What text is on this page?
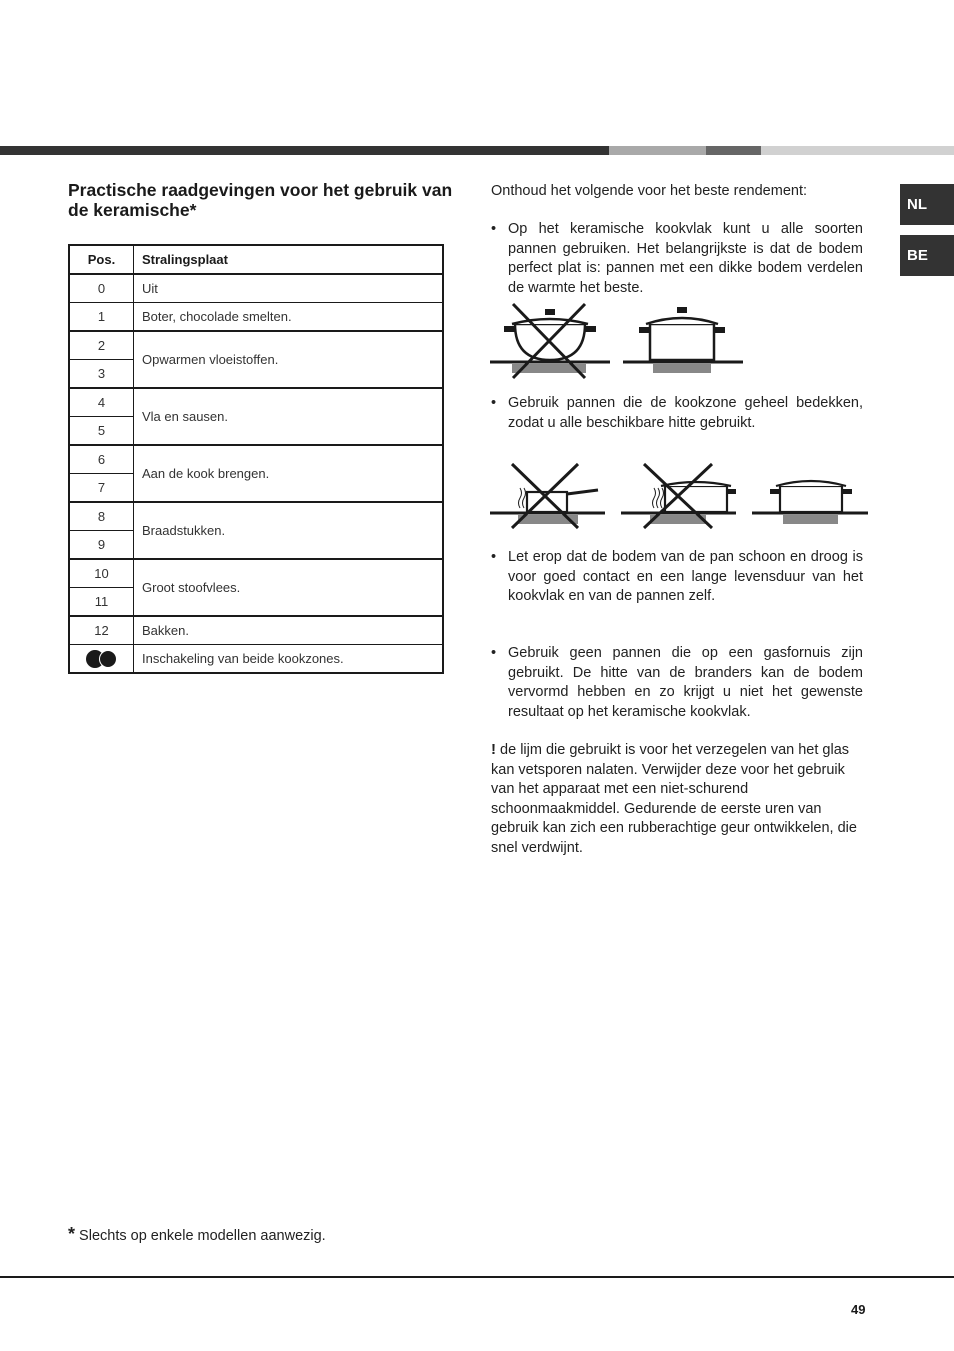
NL
BE
Practische raadgevingen voor het gebruik van de keramische*
Pos.	Stralingsplaat
0	Uit
1	Boter, chocolade smelten.
2	Opwarmen vloeistoffen.
3	
4	Vla en sausen.
5	
6	Aan de kook brengen.
7	
8	Braadstukken.
9	
10	Groot stoofvlees.
11	
12	Bakken.

	Inschakeling van beide kookzones.

Onthoud het volgende voor het beste rendement:

• Op het keramische kookvlak kunt u alle soorten pannen gebruiken. Het belangrijkste is dat de bodem perfect plat is: pannen met een dikke bodem verdelen de warmte het beste.
• Gebruik pannen die de kookzone geheel bedekken, zodat u alle beschikbare hitte gebruikt.
• Let erop dat de bodem van de pan schoon en droog is voor goed contact en een lange levensduur van het kookvlak en van de pannen zelf.
• Gebruik geen pannen die op een gasfornuis zijn gebruikt. De hitte van de branders kan de bodem vervormd hebben en zo krijgt u niet het gewenste resultaat op het keramische kookvlak.
! de lijm die gebruikt is voor het verzegelen van het glas kan vetsporen nalaten. Verwijder deze voor het gebruik van het apparaat met een niet-schurend schoonmaakmiddel. Gedurende de eerste uren van gebruik kan zich een rubberachtige geur ontwikkelen, die snel verdwijnt.
* Slechts op enkele modellen aanwezig.
49
